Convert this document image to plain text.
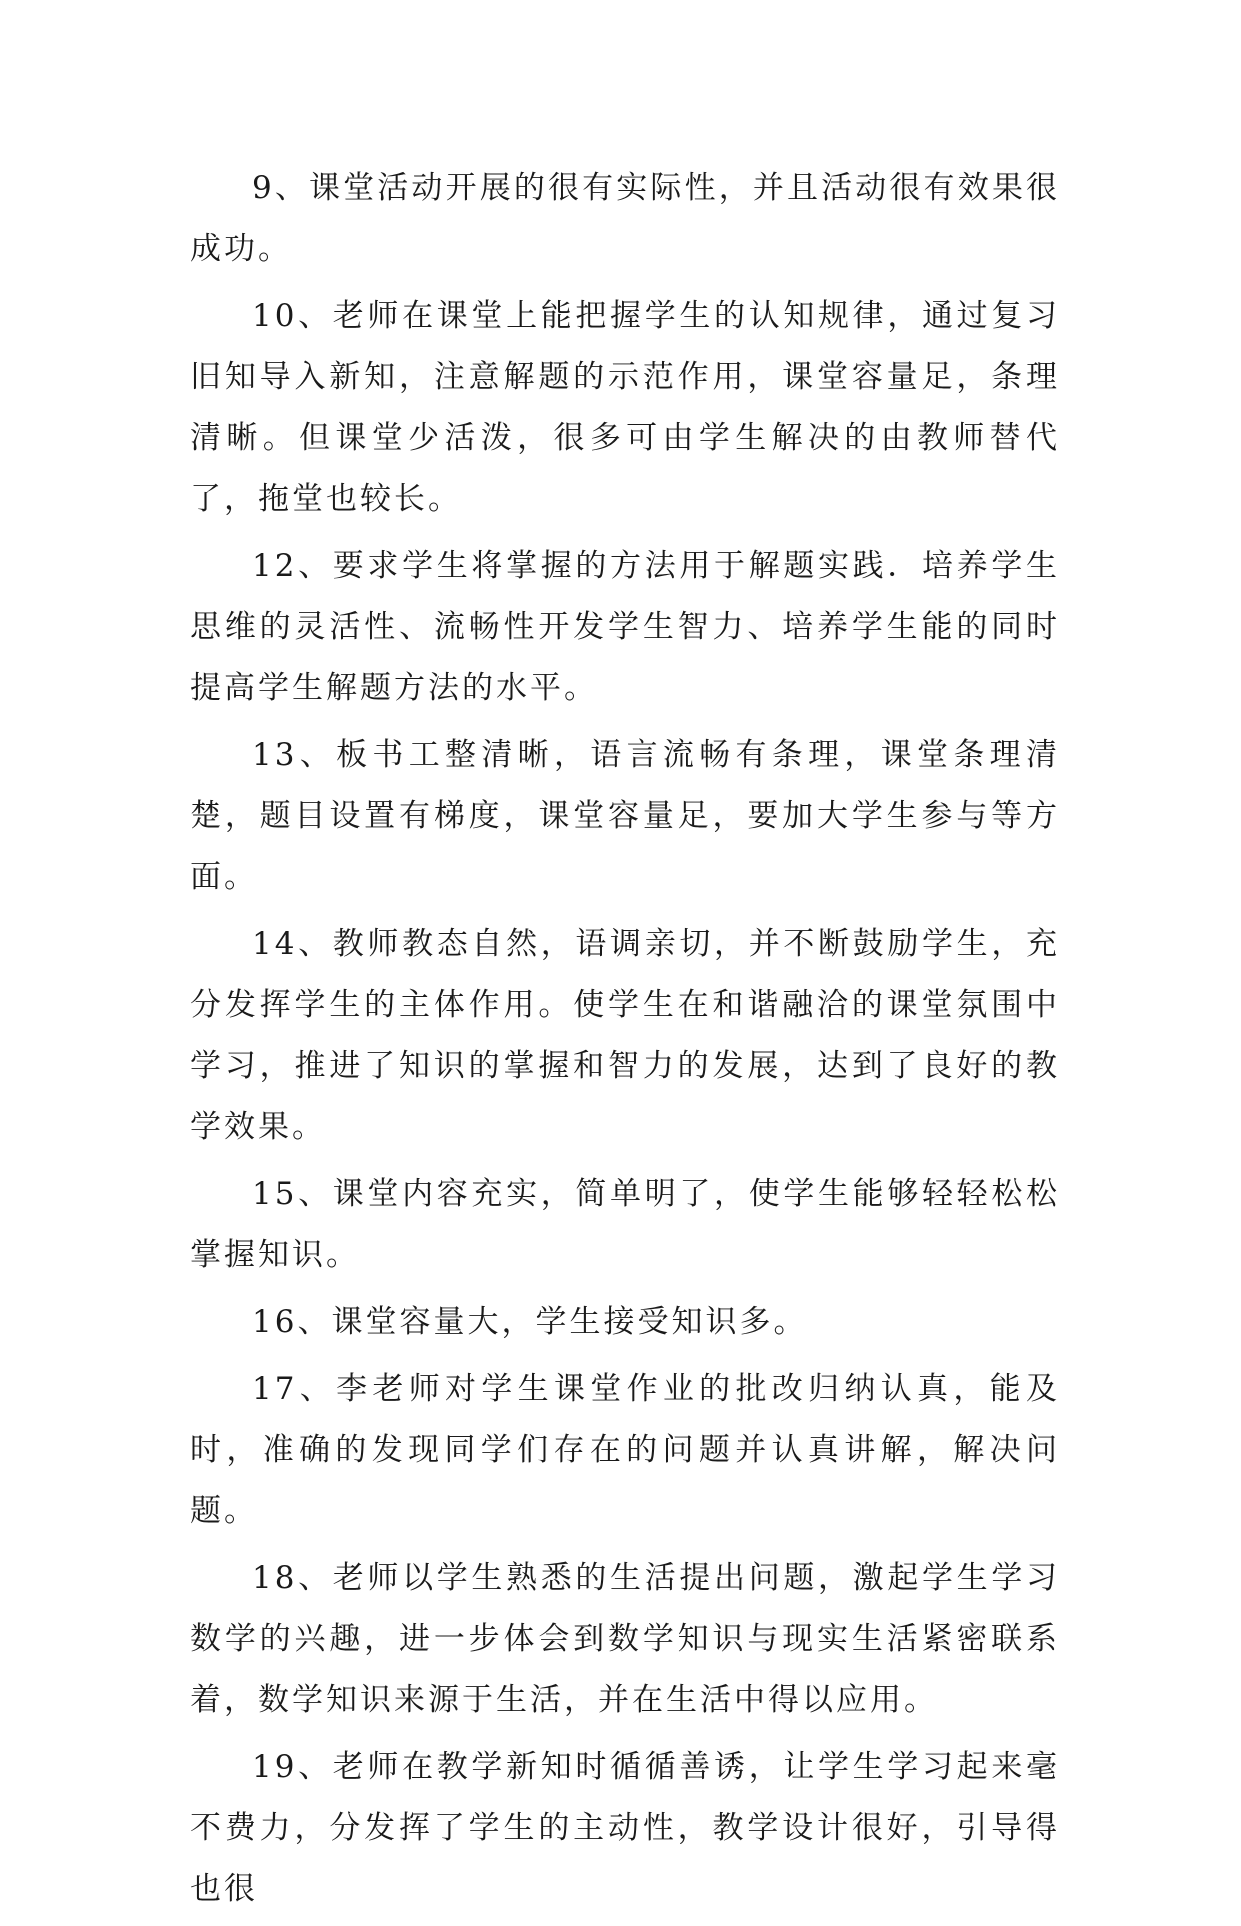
9、课堂活动开展的很有实际性，并且活动很有效果很成功。

10、老师在课堂上能把握学生的认知规律，通过复习旧知导入新知，注意解题的示范作用，课堂容量足，条理清晰。但课堂少活泼，很多可由学生解决的由教师替代了，拖堂也较长。

12、要求学生将掌握的方法用于解题实践．培养学生思维的灵活性、流畅性开发学生智力、培养学生能的同时提高学生解题方法的水平。

13、板书工整清晰，语言流畅有条理，课堂条理清楚，题目设置有梯度，课堂容量足，要加大学生参与等方面。

14、教师教态自然，语调亲切，并不断鼓励学生，充分发挥学生的主体作用。使学生在和谐融洽的课堂氛围中学习，推进了知识的掌握和智力的发展，达到了良好的教学效果。

15、课堂内容充实，简单明了，使学生能够轻轻松松掌握知识。

16、课堂容量大，学生接受知识多。

17、李老师对学生课堂作业的批改归纳认真，能及时，准确的发现同学们存在的问题并认真讲解，解决问题。

18、老师以学生熟悉的生活提出问题，激起学生学习数学的兴趣，进一步体会到数学知识与现实生活紧密联系着，数学知识来源于生活，并在生活中得以应用。

19、老师在教学新知时循循善诱，让学生学习起来毫不费力，分发挥了学生的主动性，教学设计很好，引导得也很
